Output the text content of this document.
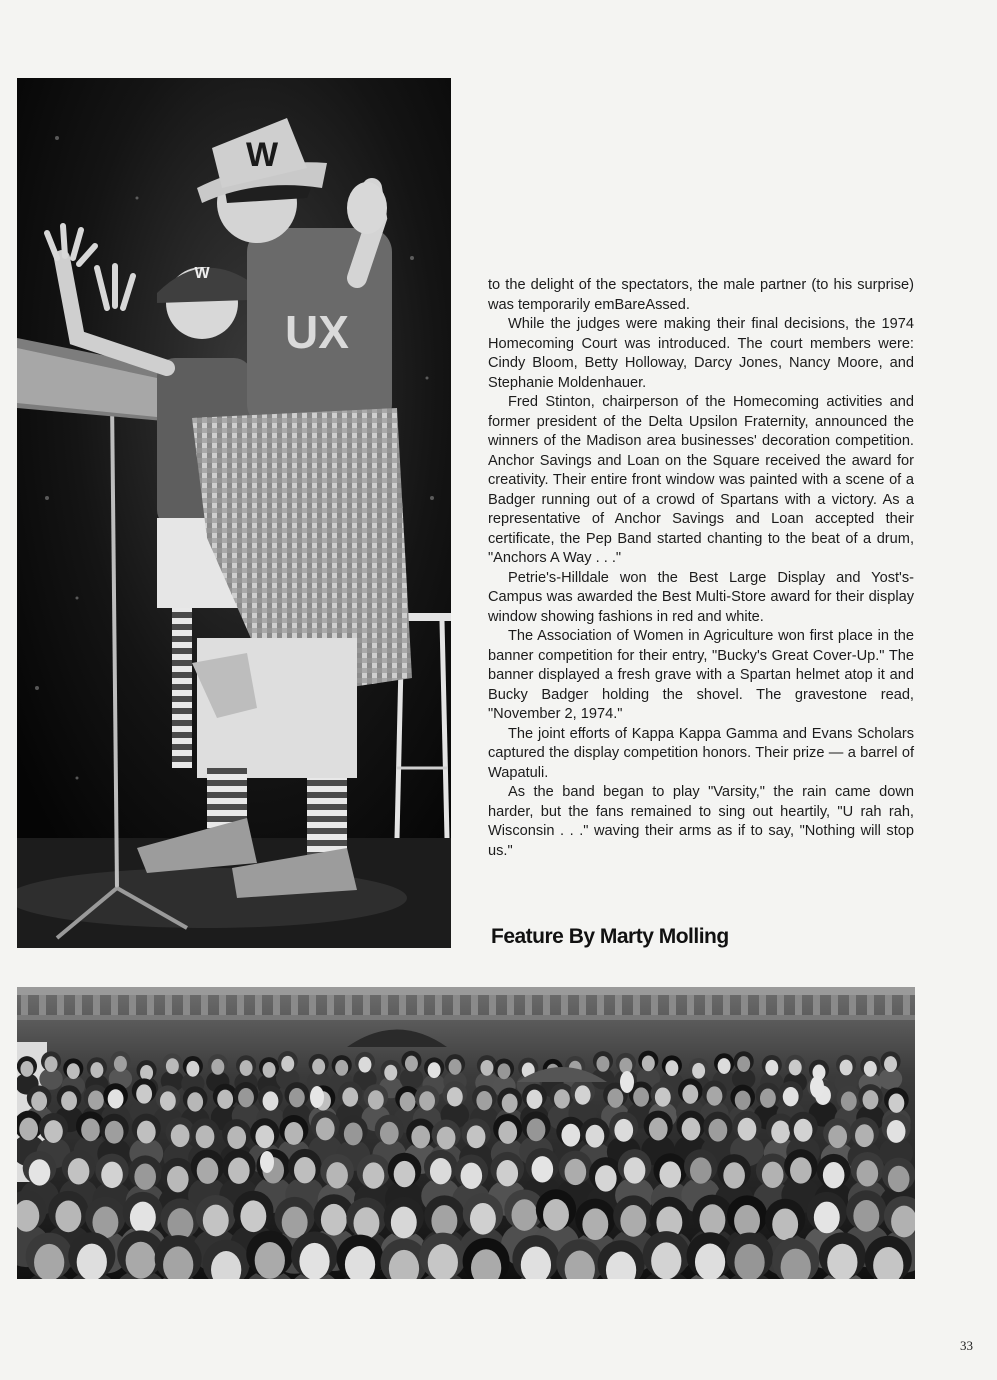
W
UX
W

to the delight of the spectators, the male partner (to his surprise) was temporarily emBareAssed.

While the judges were making their final decisions, the 1974 Homecoming Court was introduced. The court members were: Cindy Bloom, Betty Holloway, Darcy Jones, Nancy Moore, and Stephanie Moldenhauer.

Fred Stinton, chairperson of the Homecoming activities and former president of the Delta Upsilon Fraternity, announced the winners of the Madison area businesses' decoration competition. Anchor Savings and Loan on the Square received the award for creativity. Their entire front window was painted with a scene of a Badger running out of a crowd of Spartans with a victory. As a representative of Anchor Savings and Loan accepted their certificate, the Pep Band started chanting to the beat of a drum, "Anchors A Way . . ."

Petrie's-Hilldale won the Best Large Display and Yost's-Campus was awarded the Best Multi-Store award for their display window showing fashions in red and white.

The Association of Women in Agriculture won first place in the banner competition for their entry, "Bucky's Great Cover-Up." The banner displayed a fresh grave with a Spartan helmet atop it and Bucky Badger holding the shovel. The gravestone read, "November 2, 1974."

The joint efforts of Kappa Kappa Gamma and Evans Scholars captured the display competition honors. Their prize — a barrel of Wapatuli.

As the band began to play "Varsity," the rain came down harder, but the fans remained to sing out heartily, "U rah rah, Wisconsin . . ." waving their arms as if to say, "Nothing will stop us."

Feature By Marty Molling
33
